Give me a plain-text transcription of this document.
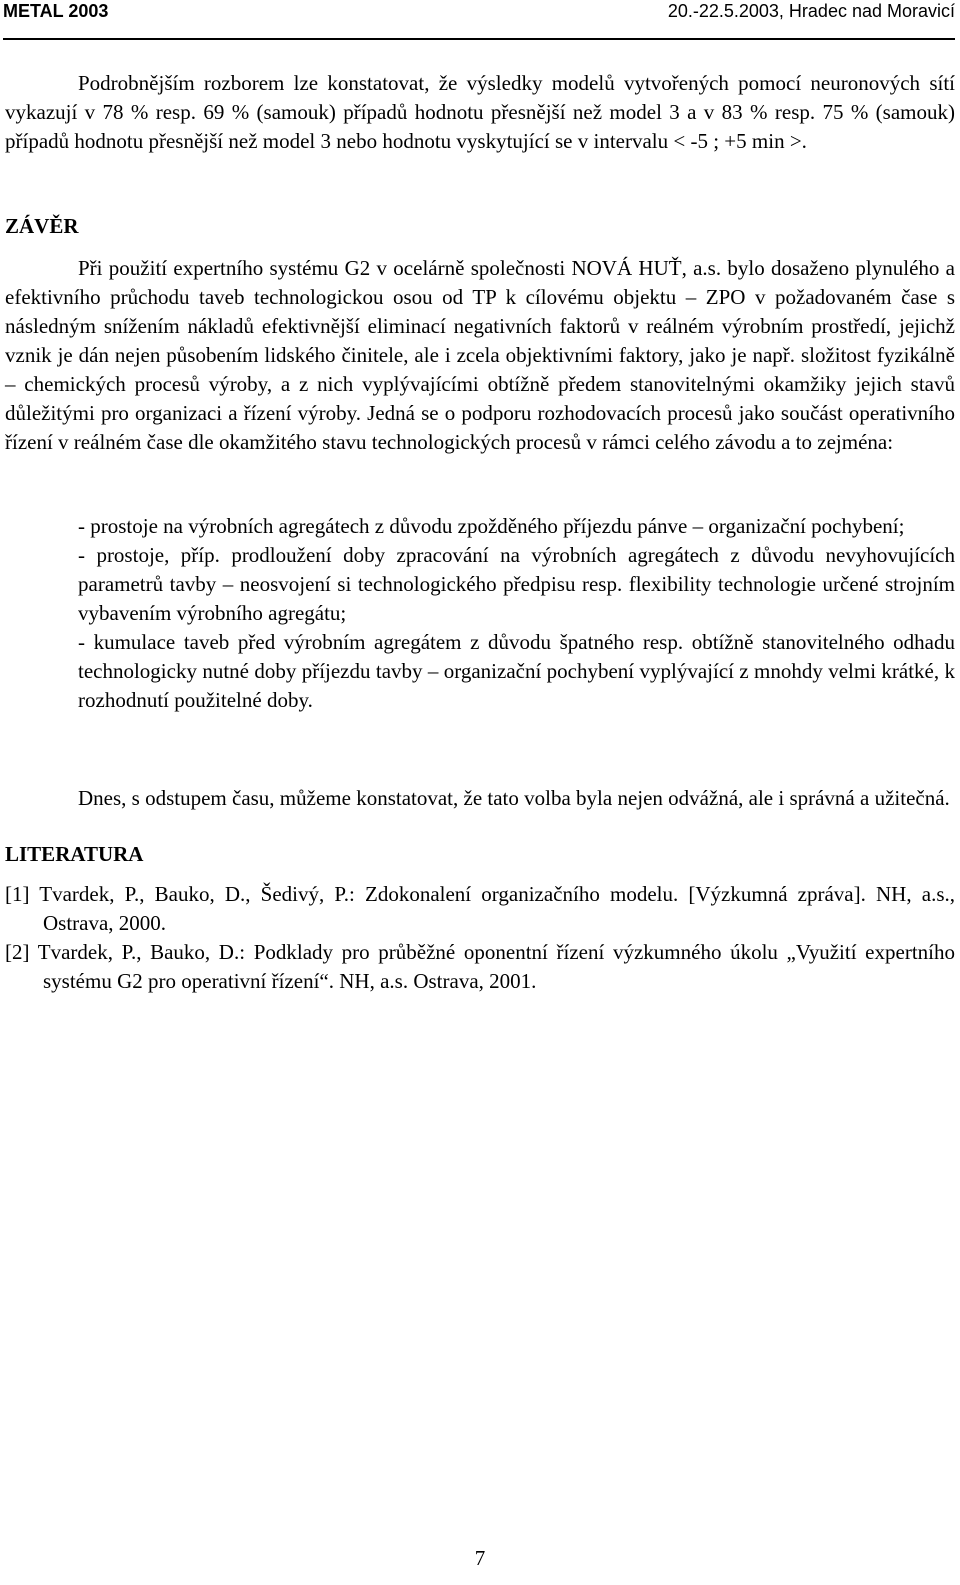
METAL 2003	20.-22.5.2003, Hradec nad Moravicí

Podrobnějším rozborem lze konstatovat, že výsledky modelů vytvořených pomocí neuronových sítí vykazují v 78 % resp. 69 % (samouk) případů hodnotu přesnější než model 3 a v 83 % resp. 75 % (samouk) případů hodnotu přesnější než model 3 nebo hodnotu vyskytující se v intervalu < -5 ; +5 min >.

ZÁVĚR

Při použití expertního systému G2 v ocelárně společnosti NOVÁ HUŤ, a.s. bylo dosaženo plynulého a efektivního průchodu taveb technologickou osou od TP k cílovému objektu – ZPO v požadovaném čase s následným snížením nákladů efektivnější eliminací negativních faktorů v reálném výrobním prostředí, jejichž vznik je dán nejen působením lidského činitele, ale i zcela objektivními faktory, jako je např. složitost fyzikálně – chemických procesů výroby, a z nich vyplývajícími obtížně předem stanovitelnými okamžiky jejich stavů důležitými pro organizaci a řízení výroby. Jedná se o podporu rozhodovacích procesů jako součást operativního řízení v reálném čase dle okamžitého stavu technologických procesů v rámci celého závodu a to zejména:

- prostoje na výrobních agregátech z důvodu zpožděného příjezdu pánve – organizační pochybení;

- prostoje, příp. prodloužení doby zpracování na výrobních agregátech z důvodu nevyhovujících parametrů tavby – neosvojení si technologického předpisu resp. flexibility technologie určené strojním vybavením výrobního agregátu;

- kumulace taveb před výrobním agregátem z důvodu špatného resp. obtížně stanovitelného odhadu technologicky nutné doby příjezdu tavby – organizační pochybení vyplývající z mnohdy velmi krátké, k rozhodnutí použitelné doby.

Dnes, s odstupem času, můžeme konstatovat, že tato volba byla nejen odvážná, ale i správná a užitečná.

LITERATURA

[1] Tvardek, P., Bauko, D., Šedivý, P.: Zdokonalení organizačního modelu. [Výzkumná zpráva]. NH, a.s., Ostrava, 2000.

[2] Tvardek, P., Bauko, D.: Podklady pro průběžné oponentní řízení výzkumného úkolu „Využití expertního systému G2 pro operativní řízení“. NH, a.s. Ostrava, 2001.

7
